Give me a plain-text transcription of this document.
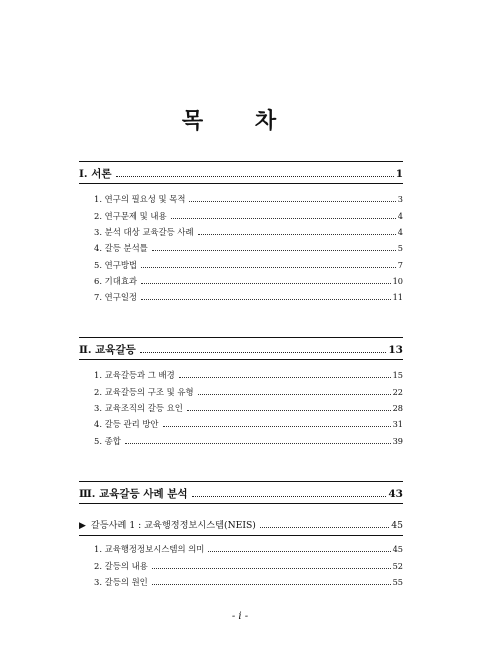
목 차
Ⅰ. 서론	1
1. 연구의 필요성 및 목적	3
2. 연구문제 및 내용	4
3. 분석 대상 교육갈등 사례	4
4. 갈등 분석틀	5
5. 연구방법	7
6. 기대효과	10
7. 연구일정	11
Ⅱ. 교육갈등	13
1. 교육갈등과 그 배경	15
2. 교육갈등의 구조 및 유형	22
3. 교육조직의 갈등 요인	28
4. 갈등 관리 방안	31
5. 종합	39
Ⅲ. 교육갈등 사례 분석	43
▶ 갈등사례 1 : 교육행정정보시스템(NEIS)	45
1. 교육행정정보시스템의 의미	45
2. 갈등의 내용	52
3. 갈등의 원인	55
- i -
